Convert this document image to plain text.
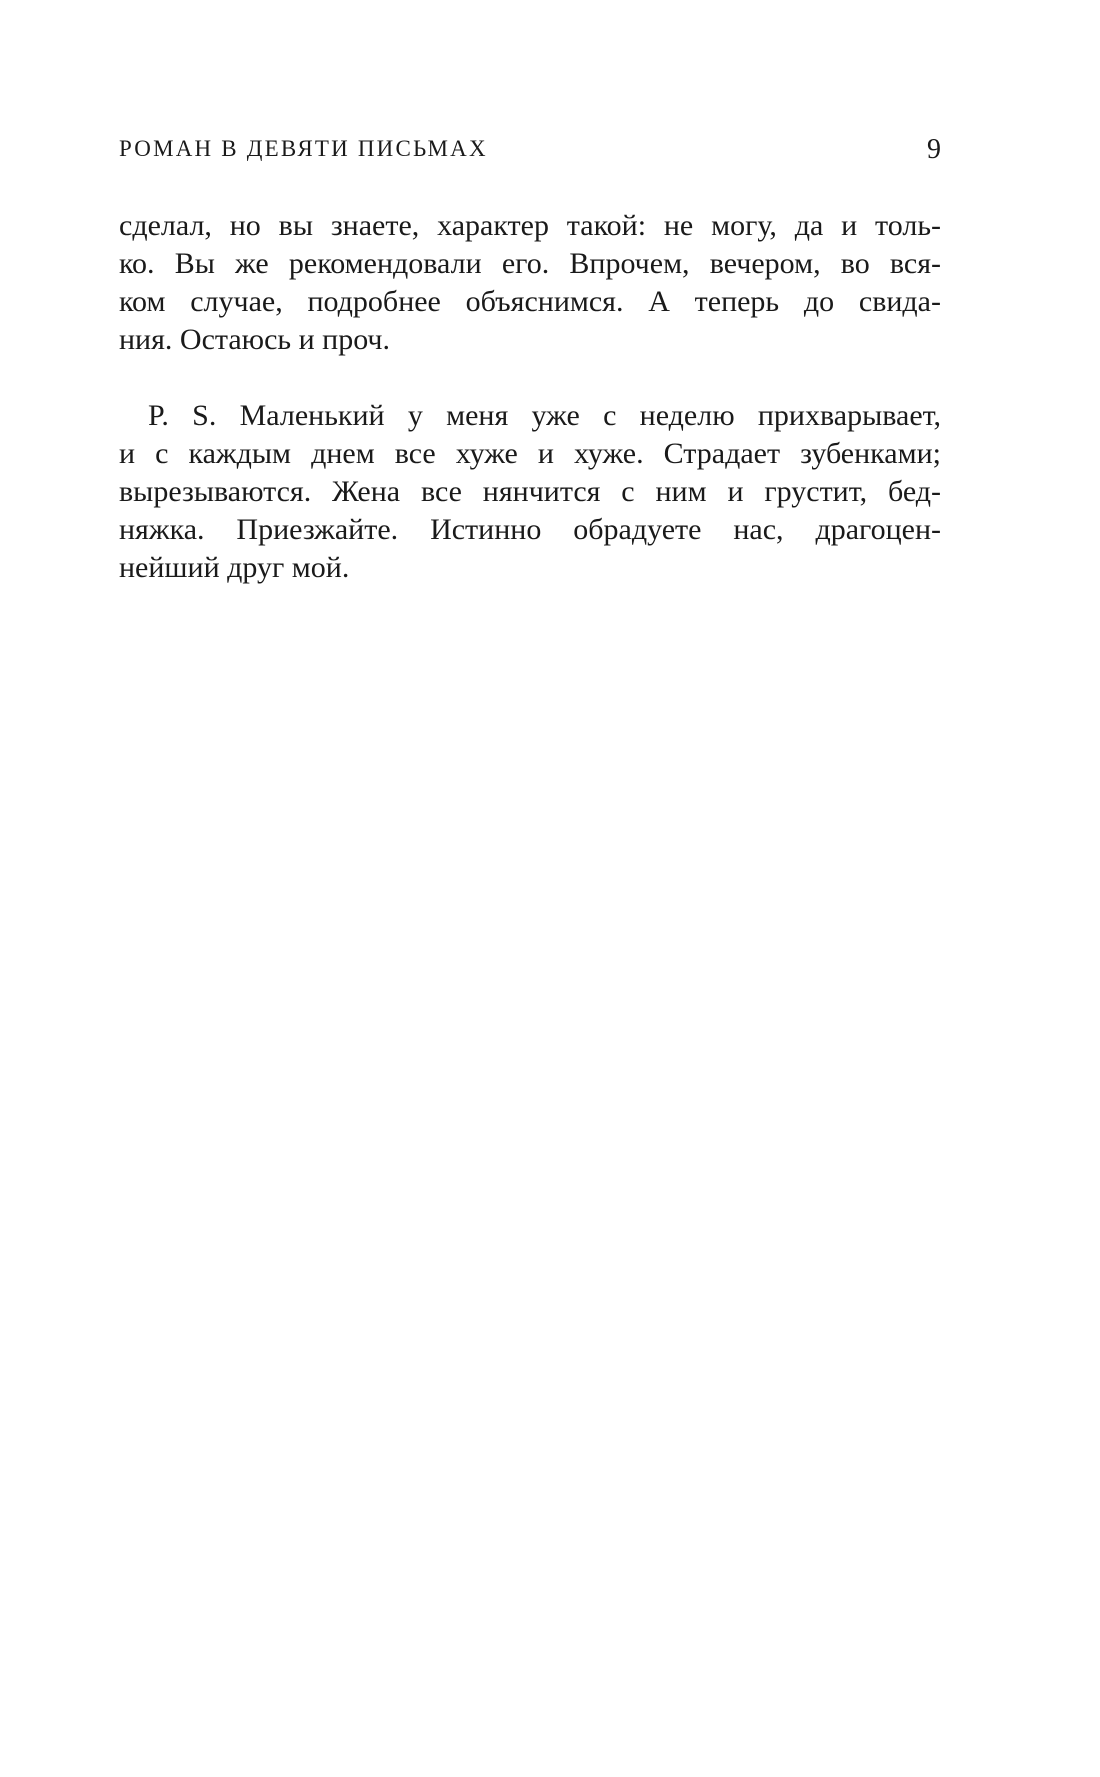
РОМАН В ДЕВЯТИ ПИСЬМАХ	9
сделал, но вы знаете, характер такой: не могу, да и толь-
ко. Вы же рекомендовали его. Впрочем, вечером, во вся-
ком случае, подробнее объяснимся. А теперь до свида-
ния. Остаюсь и проч.
P. S. Маленький у меня уже с неделю прихварывает,
и с каждым днем все хуже и хуже. Страдает зубенками;
вырезываются. Жена все нянчится с ним и грустит, бед-
няжка. Приезжайте. Истинно обрадуете нас, драгоцен-
нейший друг мой.
